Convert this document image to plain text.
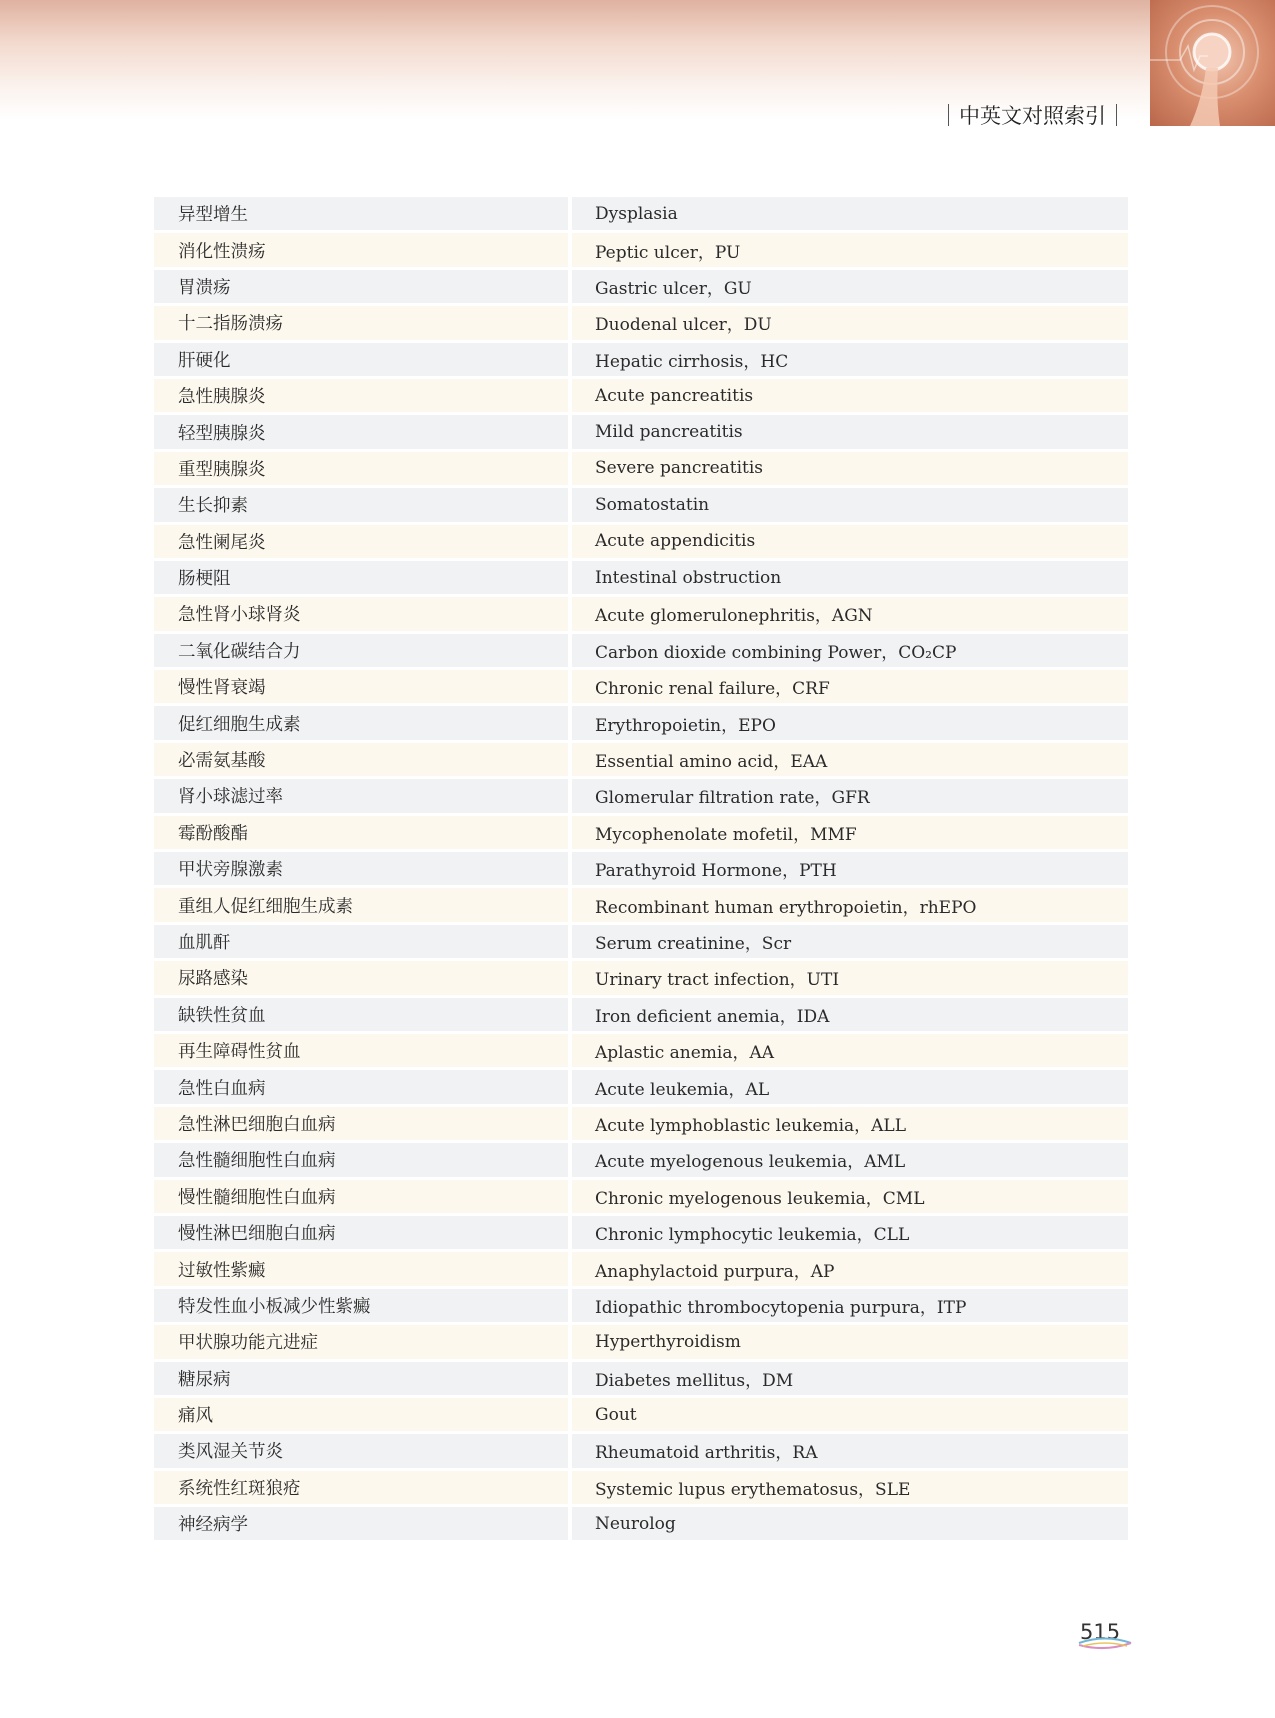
中英文对照索引
异型增生	Dysplasia
消化性溃疡	Peptic ulcer，PU
胃溃疡	Gastric ulcer，GU
十二指肠溃疡	Duodenal ulcer，DU
肝硬化	Hepatic cirrhosis，HC
急性胰腺炎	Acute pancreatitis
轻型胰腺炎	Mild pancreatitis
重型胰腺炎	Severe pancreatitis
生长抑素	Somatostatin
急性阑尾炎	Acute appendicitis
肠梗阻	Intestinal obstruction
急性肾小球肾炎	Acute glomerulonephritis，AGN
二氧化碳结合力	Carbon dioxide combining Power，CO₂CP
慢性肾衰竭	Chronic renal failure，CRF
促红细胞生成素	Erythropoietin，EPO
必需氨基酸	Essential amino acid，EAA
肾小球滤过率	Glomerular filtration rate，GFR
霉酚酸酯	Mycophenolate mofetil，MMF
甲状旁腺激素	Parathyroid Hormone，PTH
重组人促红细胞生成素	Recombinant human erythropoietin，rhEPO
血肌酐	Serum creatinine，Scr
尿路感染	Urinary tract infection，UTI
缺铁性贫血	Iron deficient anemia，IDA
再生障碍性贫血	Aplastic anemia，AA
急性白血病	Acute leukemia，AL
急性淋巴细胞白血病	Acute lymphoblastic leukemia，ALL
急性髓细胞性白血病	Acute myelogenous leukemia，AML
慢性髓细胞性白血病	Chronic myelogenous leukemia，CML
慢性淋巴细胞白血病	Chronic lymphocytic leukemia，CLL
过敏性紫癜	Anaphylactoid purpura，AP
特发性血小板减少性紫癜	Idiopathic thrombocytopenia purpura，ITP
甲状腺功能亢进症	Hyperthyroidism
糖尿病	Diabetes mellitus，DM
痛风	Gout
类风湿关节炎	Rheumatoid arthritis，RA
系统性红斑狼疮	Systemic lupus erythematosus，SLE
神经病学	Neurolog
515
